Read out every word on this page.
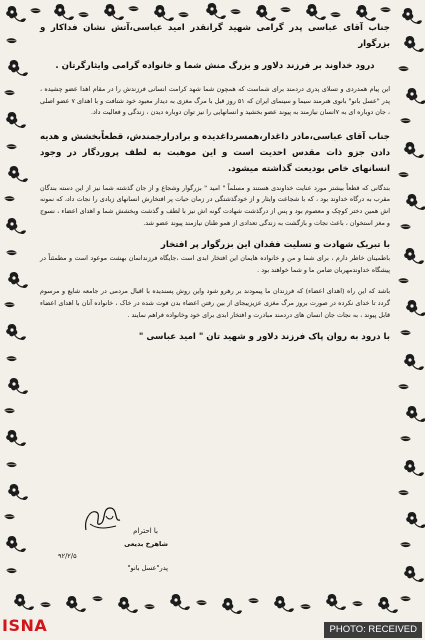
جناب آقای عباسی پدر گرامی شهید گرانقدر امید عباسی،آتش نشان فداکار و بزرگوار

درود خداوند بر فرزند دلاور و بزرگ منش شما و خانواده گرامی وایثارگرتان .

این پیام همدردی و تسلای پدری دردمند برای شماست که همچون شما شهد کرامت انسانی فرزندش را در مقام اهدا عضو چشیده ، پدر "عسل بانو" بانوی هنرمند سیما و سینمای ایران که ۵۱ روز قبل با مرگ مغزی به دیدار معبود خود شتافت و با اهدای ۷ عضو اصلی ، جان دوباره ای به ۷انسان نیازمند به پیوند عضو بخشید و انسانهایی را نیز توان دوباره دیدن ، زندگی و فعالیت داد.

جناب آقای عباسی،مادر داغدار،همسرداغدیده و برادرارجمندش، قطعاًبخشش و هدیه دادن جزو ذات مقدس احدیت است و این موهبت به لطف پروردگار در وجود انسانهای خاص بودیعت گذاشته میشود.

بندگانی که قطعاً بیشتر مورد عنایت خداوندی هستند و مسلماً " امید " بزرگوار وشجاع و از جان گذشته شما نیز از این دسته بندگان مقرب به درگاه خداوند بود ، که با شجاعت وایثار و از خودگذشتگی در زمان حیات پر افتخارش انسانهای زیادی را نجات داد، که نمونه اش همین دختر کوچک و معصوم بود و پس از درگذشت شهادت گونه اش نیز با لطف و گذشت وبخشش شما و اهدای اعضاء ، نسوج و مغز استخوان ، باعث نجات و بازگشت به زندگی تعدادی از همو طنان نیازمند پیوند عضو شد.

با تبریک شهادت و تسلیت فقدان این بزرگوار پر افتخار

باطمینان خاطر دارم ، برای شما و من و خانواده هایمان این افتخار ابدی است ،جایگاه فرزندانمان بهشت موعود است و مطمئناً در پیشگاه خداوندمهربان ضامن ما و شما خواهند بود .

باشد که این راه (اهدای اعضاء) که فرزندان ما پیمودند بر رهرو شود واین روش پسندیده با اقبال مردمی در جامعه شایع و مرسوم گردد تا خدای نکرده در صورت بروز مرگ مغزی عزیزیبجای از بین رفتن اعضاء بدن فوت شده در خاک ، خانواده آنان با اهدای اعضاء قابل پیوند ، به نجات جان انسان های دردمند مبادرت و افتخار ابدی برای خود وخانواده فراهم نمایند .

با درود به روان پاک فرزند دلاور و شهید تان " امید عباسی "

با احترام
شاهرخ بدیعی
۹۲/۲/۵
پدر"عسل بانو"
ISNA	PHOTO: RECEIVED
